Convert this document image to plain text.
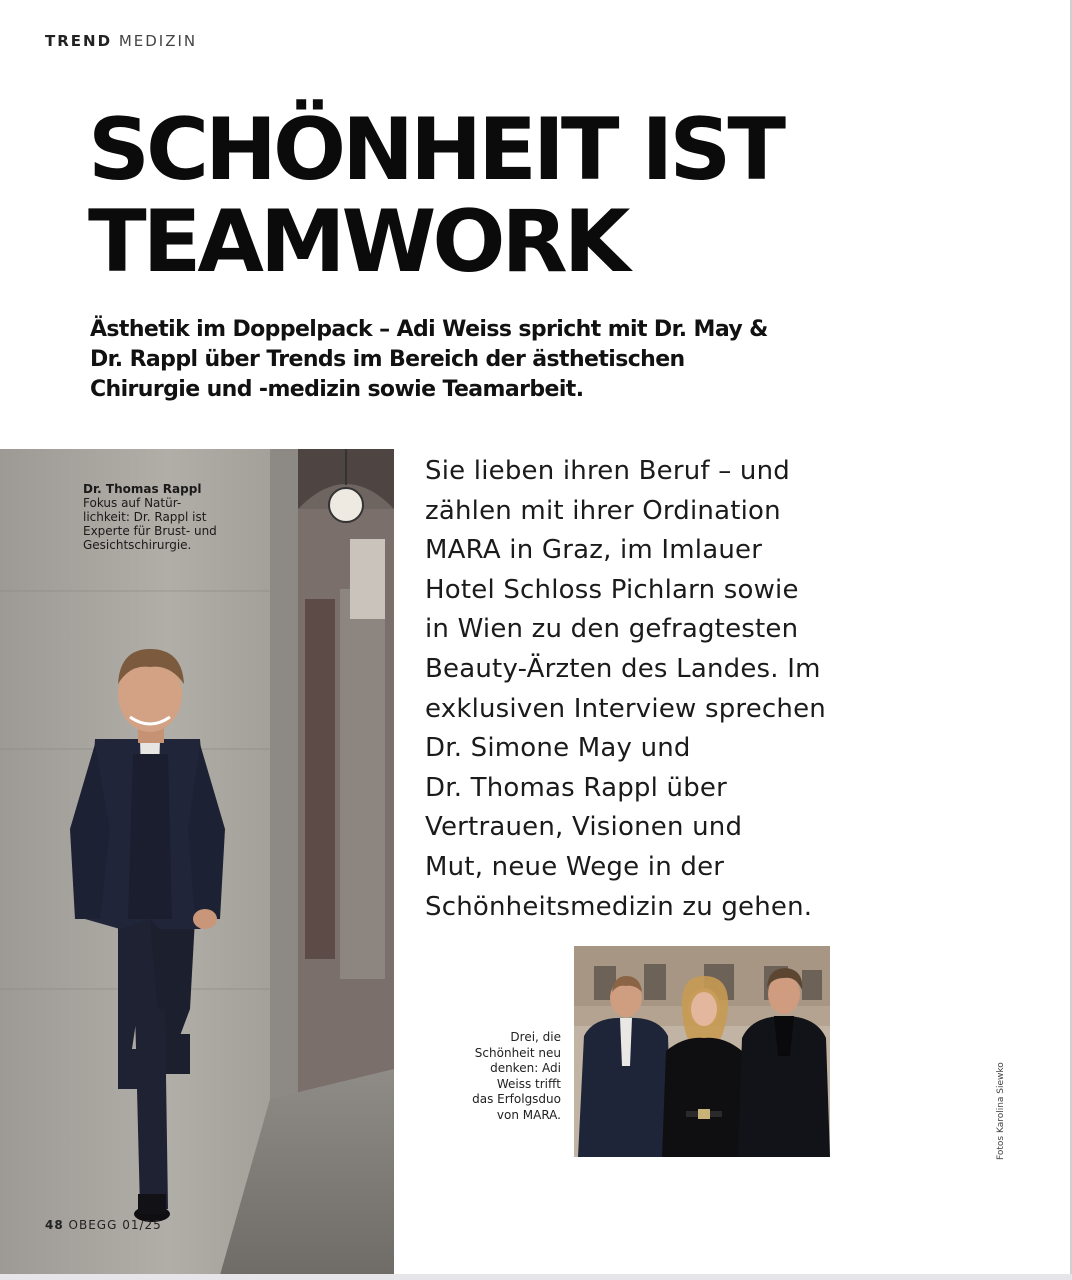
TREND MEDIZIN
SCHÖNHEIT IST
TEAMWORK

Ästhetik im Doppelpack – Adi Weiss spricht mit Dr. May &
Dr. Rappl über Trends im Bereich der ästhetischen
Chirurgie und -medizin sowie Teamarbeit.

Dr. Thomas Rappl
Fokus auf Natür-
lichkeit: Dr. Rappl ist
Experte für Brust- und
Gesichtschirurgie.
48 OBEGG 01/25

Sie lieben ihren Beruf – und
zählen mit ihrer Ordination
MARA in Graz, im Imlauer
Hotel Schloss Pichlarn sowie
in Wien zu den gefragtesten
Beauty-Ärzten des Landes. Im
exklusiven Interview sprechen
Dr. Simone May und
Dr. Thomas Rappl über
Vertrauen, Visionen und
Mut, neue Wege in der
Schönheitsmedizin zu gehen.

Drei, die
Schönheit neu
denken: Adi
Weiss trifft
das Erfolgsduo
von MARA.	Fotos Karolina Siewko
